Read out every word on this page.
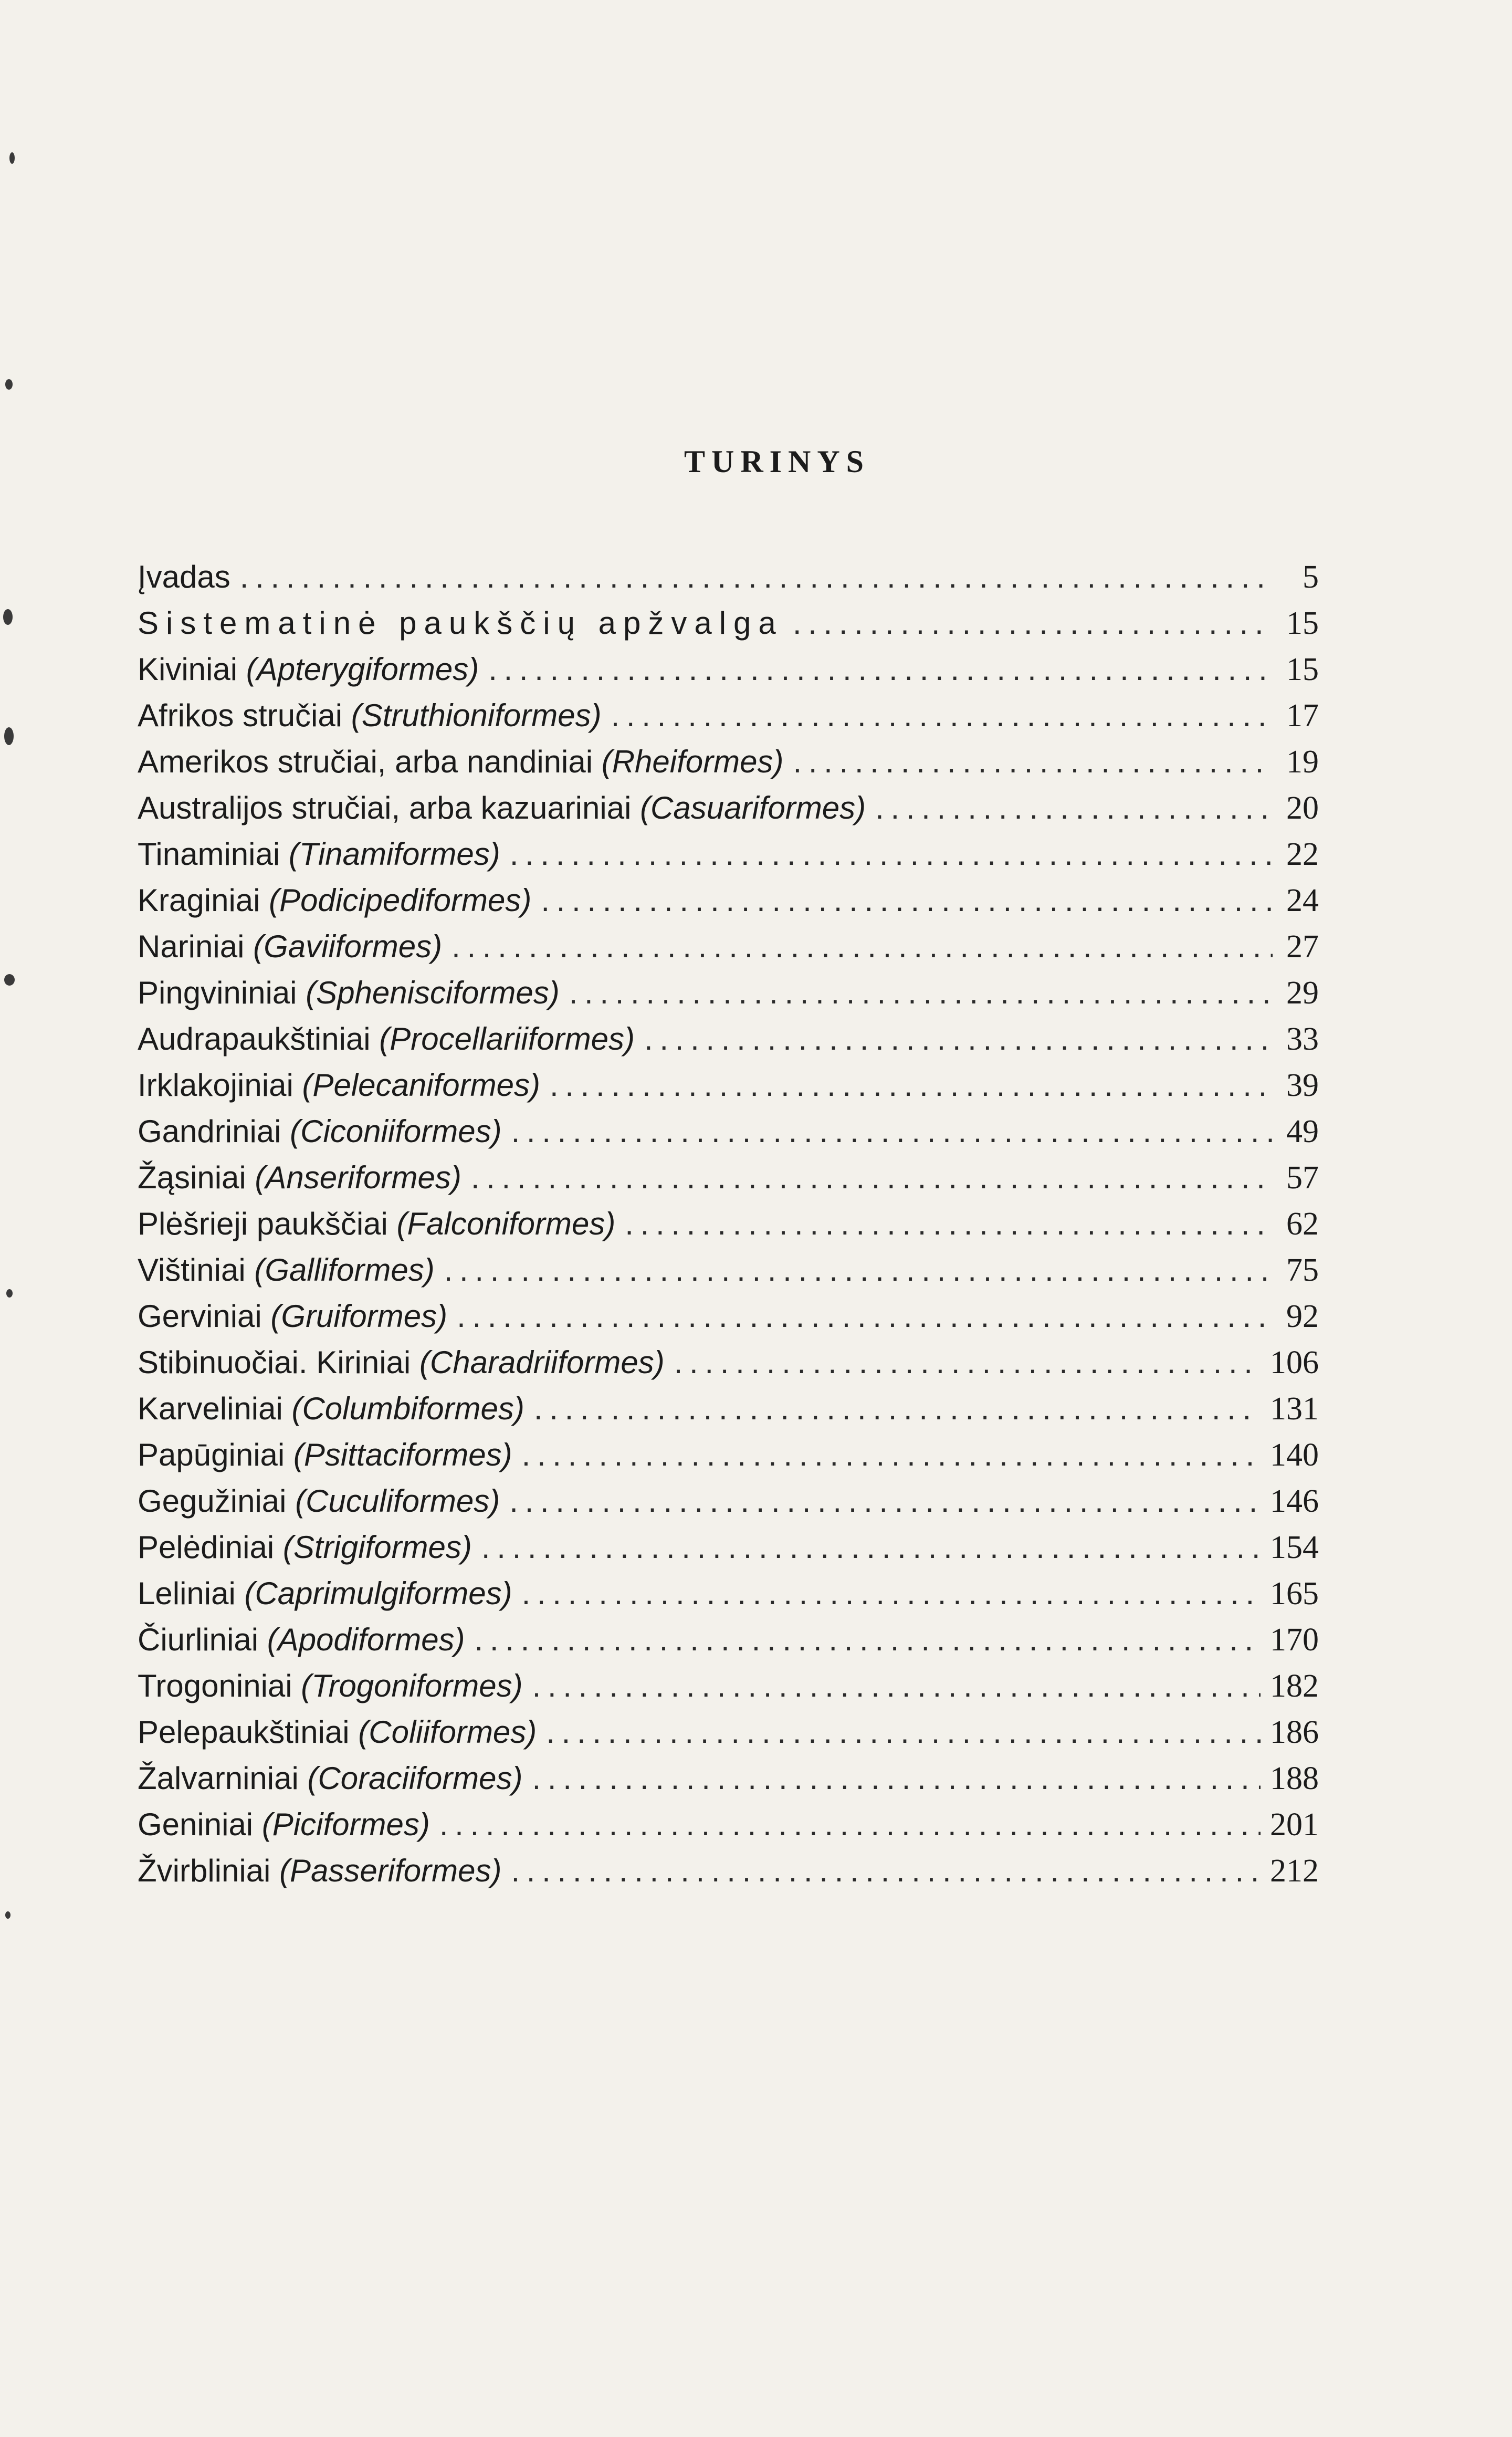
TURINYS
Įvadas . . .	5
Sistematinė paukščių apžvalga . . .	15
Kiviniai (Apterygiformes) . . .	15
Afrikos stručiai (Struthioniformes) . . .	17
Amerikos stručiai, arba nandiniai (Rheiformes) . . .	19
Australijos stručiai, arba kazuariniai (Casuariformes) . . .	20
Tinaminiai (Tinamiformes) . . .	22
Kraginiai (Podicipediformes) . . .	24
Nariniai (Gaviiformes) . . .	27
Pingvininiai (Sphenisciformes) . . .	29
Audrapaukštiniai (Procellariiformes) . . .	33
Irklakojiniai (Pelecaniformes) . . .	39
Gandriniai (Ciconiiformes) . . .	49
Žąsiniai (Anseriformes) . . .	57
Plėšrieji paukščiai (Falconiformes) . . .	62
Vištiniai (Galliformes) . . .	75
Gerviniai (Gruiformes) . . .	92
Stibinuočiai. Kiriniai (Charadriiformes) . . .	106
Karveliniai (Columbiformes) . . .	131
Papūginiai (Psittaciformes) . . .	140
Gegužiniai (Cuculiformes) . . .	146
Pelėdiniai (Strigiformes) . . .	154
Leliniai (Caprimulgiformes) . . .	165
Čiurliniai (Apodiformes) . . .	170
Trogoniniai (Trogoniformes) . . .	182
Pelepaukštiniai (Coliiformes) . . .	186
Žalvarniniai (Coraciiformes) . . .	188
Geniniai (Piciformes) . . .	201
Žvirbliniai (Passeriformes) . . .	212
